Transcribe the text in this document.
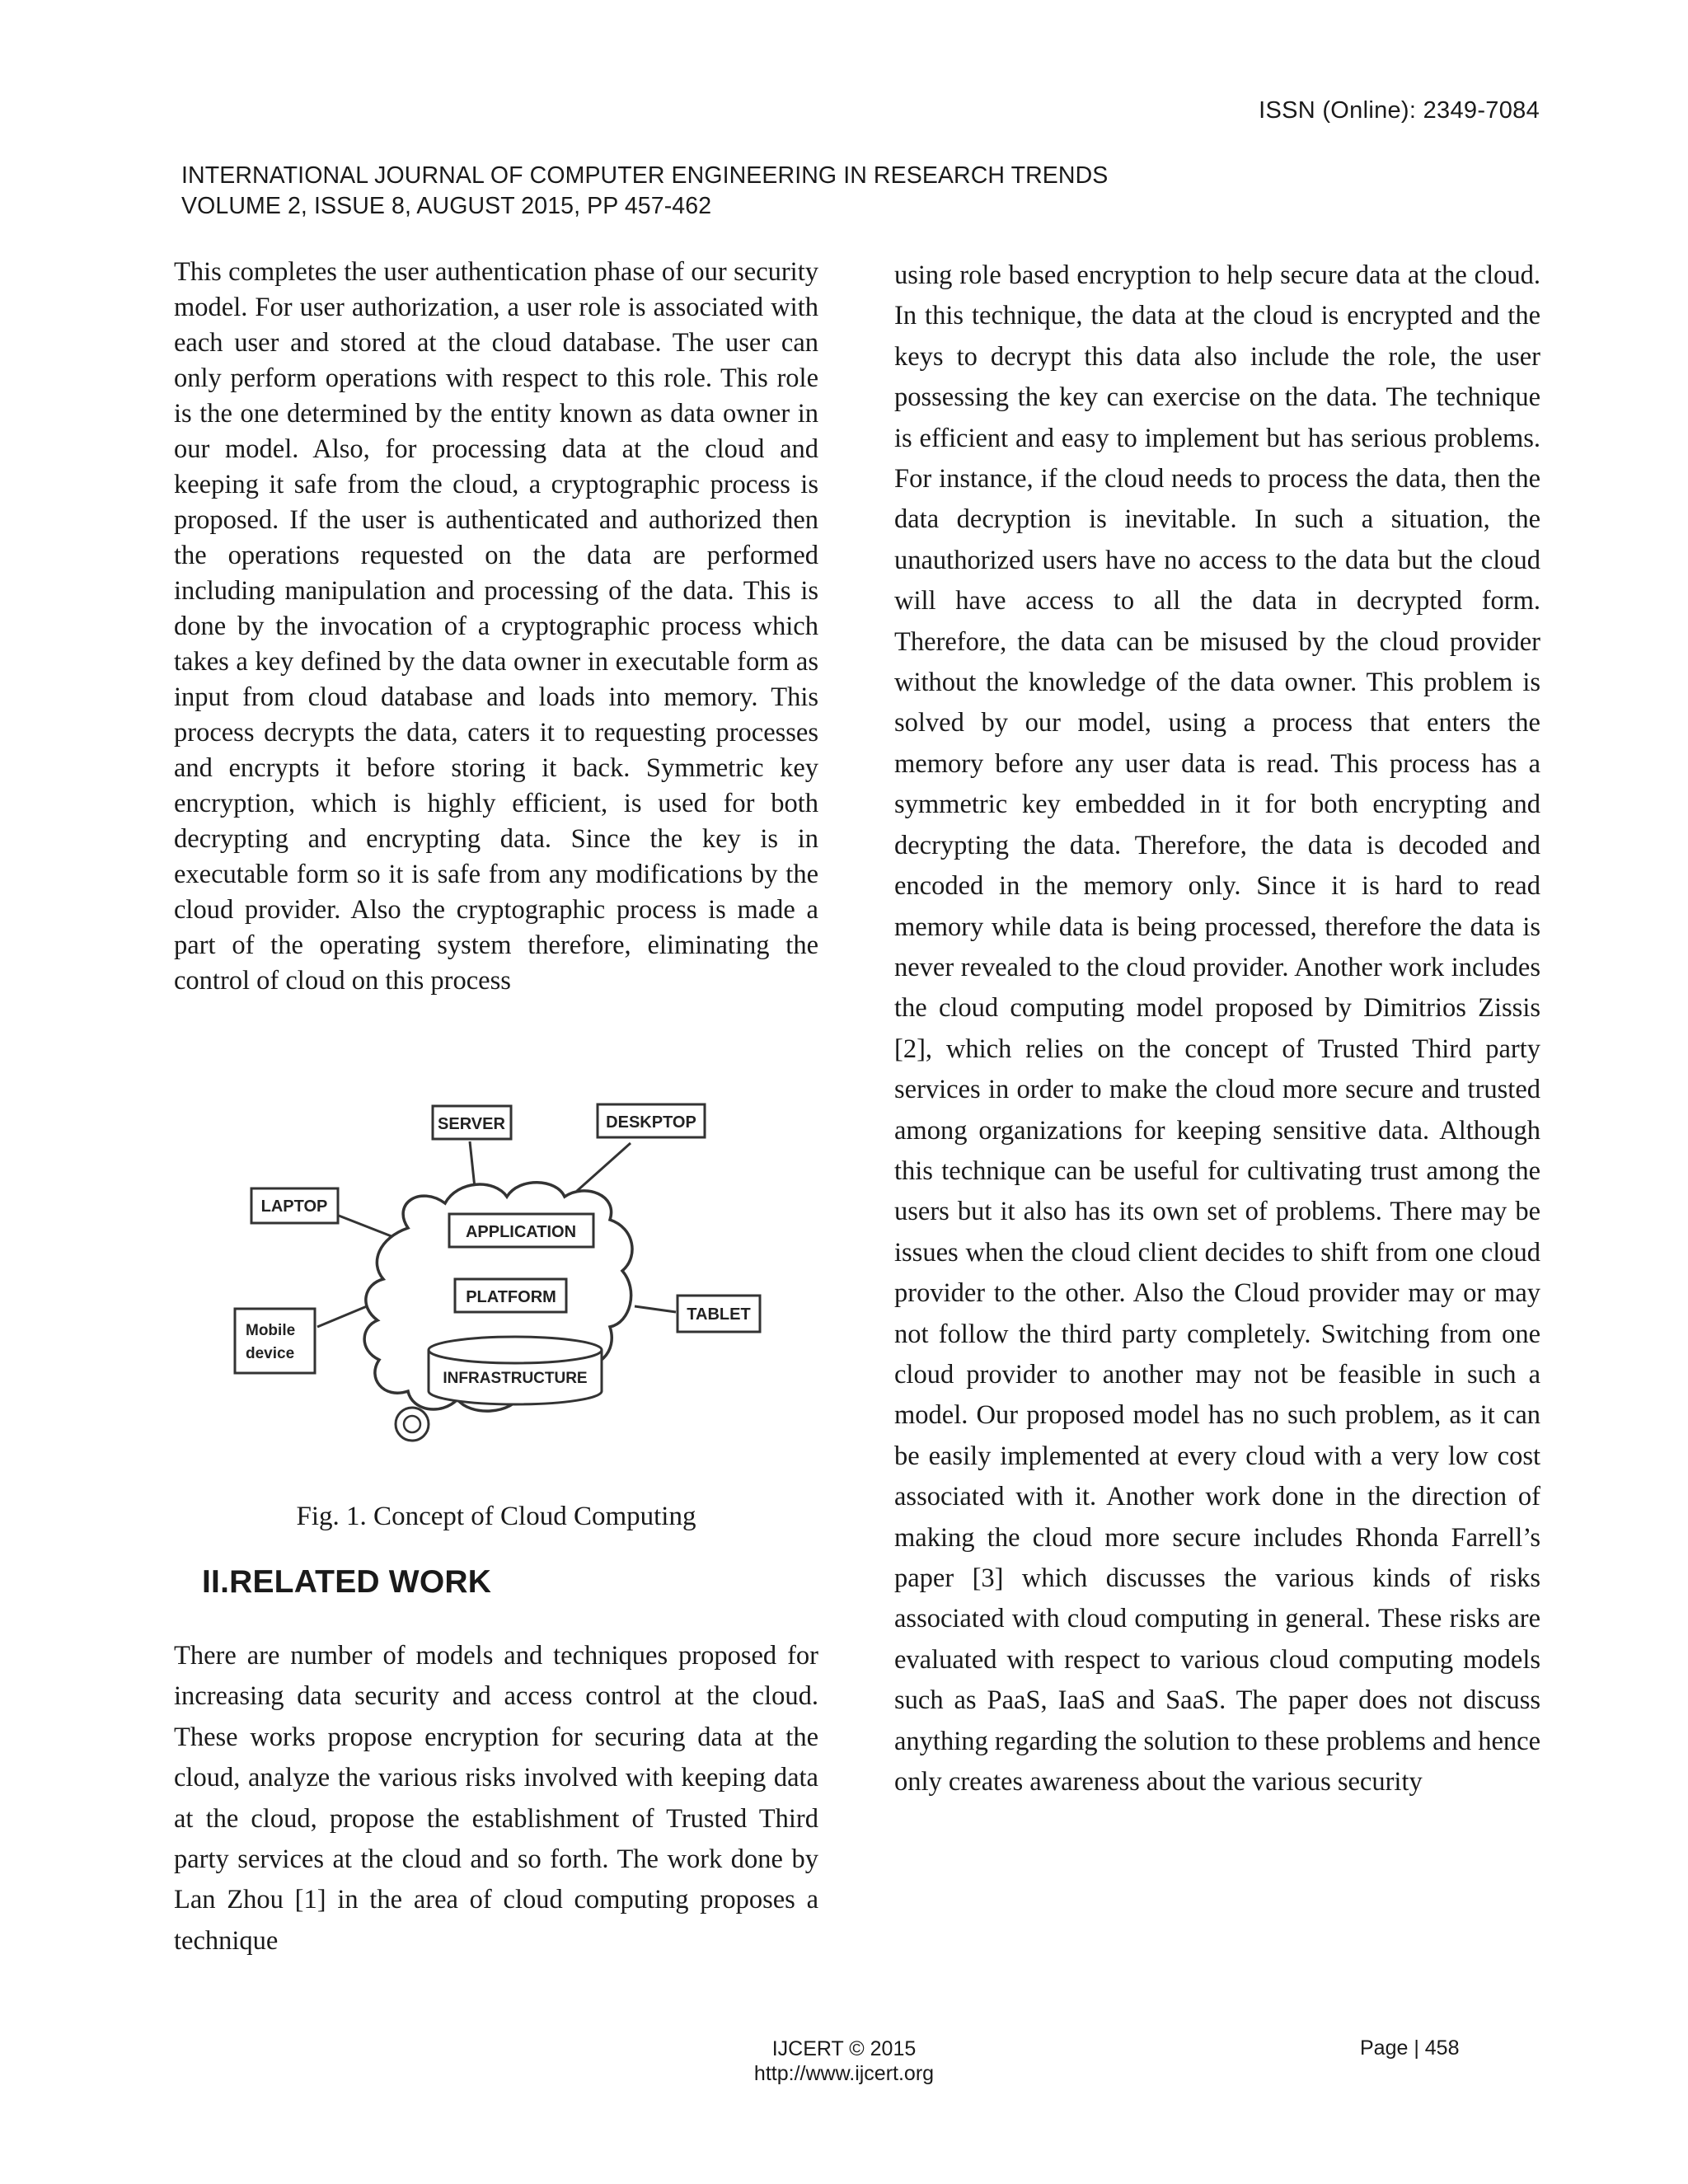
ISSN (Online): 2349-7084
INTERNATIONAL JOURNAL OF COMPUTER ENGINEERING IN RESEARCH TRENDS
VOLUME 2, ISSUE 8, AUGUST 2015, PP 457-462
This completes the user authentication phase of our security model. For user authorization, a user role is associated with each user and stored at the cloud database. The user can only perform operations with respect to this role. This role is the one determined by the entity known as data owner in our model. Also, for processing data at the cloud and keeping it safe from the cloud, a cryptographic process is proposed. If the user is authenticated and authorized then the operations requested on the data are performed including manipulation and processing of the data. This is done by the invocation of a cryptographic process which takes a key defined by the data owner in executable form as input from cloud database and loads into memory. This process decrypts the data, caters it to requesting processes and encrypts it before storing it back. Symmetric key encryption, which is highly efficient, is used for both decrypting and encrypting data. Since the key is in executable form so it is safe from any modifications by the cloud provider. Also the cryptographic process is made a part of the operating system therefore, eliminating the control of cloud on this process
SERVER	DESKPTOP
LAPTOP
APPLICATION
PLATFORM
TABLET
Mobile
device
INFRASTRUCTURE
Fig. 1. Concept of Cloud Computing
II.RELATED WORK
There are number of models and techniques proposed for increasing data security and access control at the cloud. These works propose encryption for securing data at the cloud, analyze the various risks involved with keeping data at the cloud, propose the establishment of Trusted Third party services at the cloud and so forth. The work done by Lan Zhou [1] in the area of cloud computing proposes a technique
using role based encryption to help secure data at the cloud. In this technique, the data at the cloud is encrypted and the keys to decrypt this data also include the role, the user possessing the key can exercise on the data. The technique is efficient and easy to implement but has serious problems. For instance, if the cloud needs to process the data, then the data decryption is inevitable. In such a situation, the unauthorized users have no access to the data but the cloud will have access to all the data in decrypted form. Therefore, the data can be misused by the cloud provider without the knowledge of the data owner. This problem is solved by our model, using a process that enters the memory before any user data is read. This process has a symmetric key embedded in it for both encrypting and decrypting the data. Therefore, the data is decoded and encoded in the memory only. Since it is hard to read memory while data is being processed, therefore the data is never revealed to the cloud provider. Another work includes the cloud computing model proposed by Dimitrios Zissis [2], which relies on the concept of Trusted Third party services in order to make the cloud more secure and trusted among organizations for keeping sensitive data. Although this technique can be useful for cultivating trust among the users but it also has its own set of problems. There may be issues when the cloud client decides to shift from one cloud provider to the other. Also the Cloud provider may or may not follow the third party completely. Switching from one cloud provider to another may not be feasible in such a model. Our proposed model has no such problem, as it can be easily implemented at every cloud with a very low cost associated with it. Another work done in the direction of making the cloud more secure includes Rhonda Farrell’s paper [3] which discusses the various kinds of risks associated with cloud computing in general. These risks are evaluated with respect to various cloud computing models such as PaaS, IaaS and SaaS. The paper does not discuss anything regarding the solution to these problems and hence only creates awareness about the various security
IJCERT © 2015
http://www.ijcert.org
Page | 458
